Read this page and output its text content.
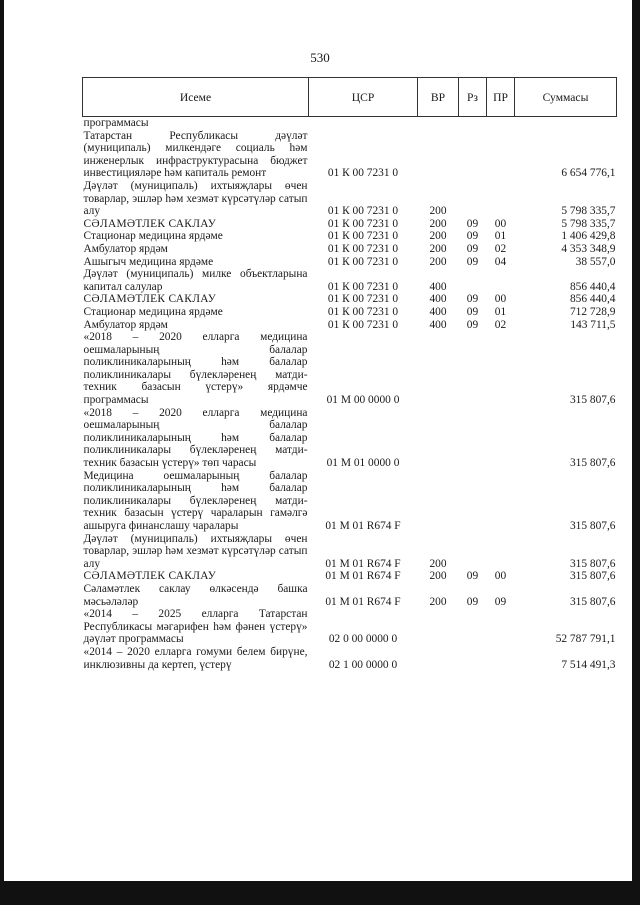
530
Исеме	ЦСР	ВР	Рз	ПР	Суммасы
программасы					
Татарстан Республикасы дәүләт (муниципаль) милкендәге социаль һәм инженерлык инфраструктурасына бюджет инвестицияләре һәм капиталь ремонт	01 К 00 7231 0				6 654 776,1
Дәүләт (муниципаль) ихтыяҗлары өчен товарлар, эшләр һәм хезмәт күрсәтүләр сатып алу	01 К 00 7231 0	200			5 798 335,7
СӘЛАМӘТЛЕК САКЛАУ	01 К 00 7231 0	200	09	00	5 798 335,7
Стационар медицина ярдәме	01 К 00 7231 0	200	09	01	1 406 429,8
Амбулатор ярдәм	01 К 00 7231 0	200	09	02	4 353 348,9
Ашыгыч медицина ярдәме	01 К 00 7231 0	200	09	04	38 557,0
Дәүләт (муниципаль) милке объектларына капитал салулар	01 К 00 7231 0	400			856 440,4
СӘЛАМӘТЛЕК САКЛАУ	01 К 00 7231 0	400	09	00	856 440,4
Стационар медицина ярдәме	01 К 00 7231 0	400	09	01	712 728,9
Амбулатор ярдәм	01 К 00 7231 0	400	09	02	143 711,5
«2018 – 2020 елларга медицина оешмаларының балалар поликлиникаларының һәм балалар поликлиникалары бүлекләренең матди-техник базасын үстерү» ярдәмче программасы	01 М 00 0000 0				315 807,6
«2018 – 2020 елларга медицина оешмаларының балалар поликлиникаларының һәм балалар поликлиникалары бүлекләренең матди-техник базасын үстерү» төп чарасы	01 М 01 0000 0				315 807,6
Медицина оешмаларының балалар поликлиникаларының һәм балалар поликлиникалары бүлекләренең матди-техник базасын үстерү чараларын гамәлгә ашыруга финанслашу чаралары	01 М 01 R674 F				315 807,6
Дәүләт (муниципаль) ихтыяҗлары өчен товарлар, эшләр һәм хезмәт күрсәтүләр сатып алу	01 М 01 R674 F	200			315 807,6
СӘЛАМӘТЛЕК САКЛАУ	01 М 01 R674 F	200	09	00	315 807,6
Сәламәтлек саклау өлкәсендә башка мәсьәләләр	01 М 01 R674 F	200	09	09	315 807,6
«2014 – 2025 елларга Татарстан Республикасы мәгарифен һәм фәнен үстерү» дәүләт программасы	02 0 00 0000 0				52 787 791,1
«2014 – 2020 елларга гомуми белем бирүне, инклюзивны да кертеп, үстерү	02 1 00 0000 0				7 514 491,3
